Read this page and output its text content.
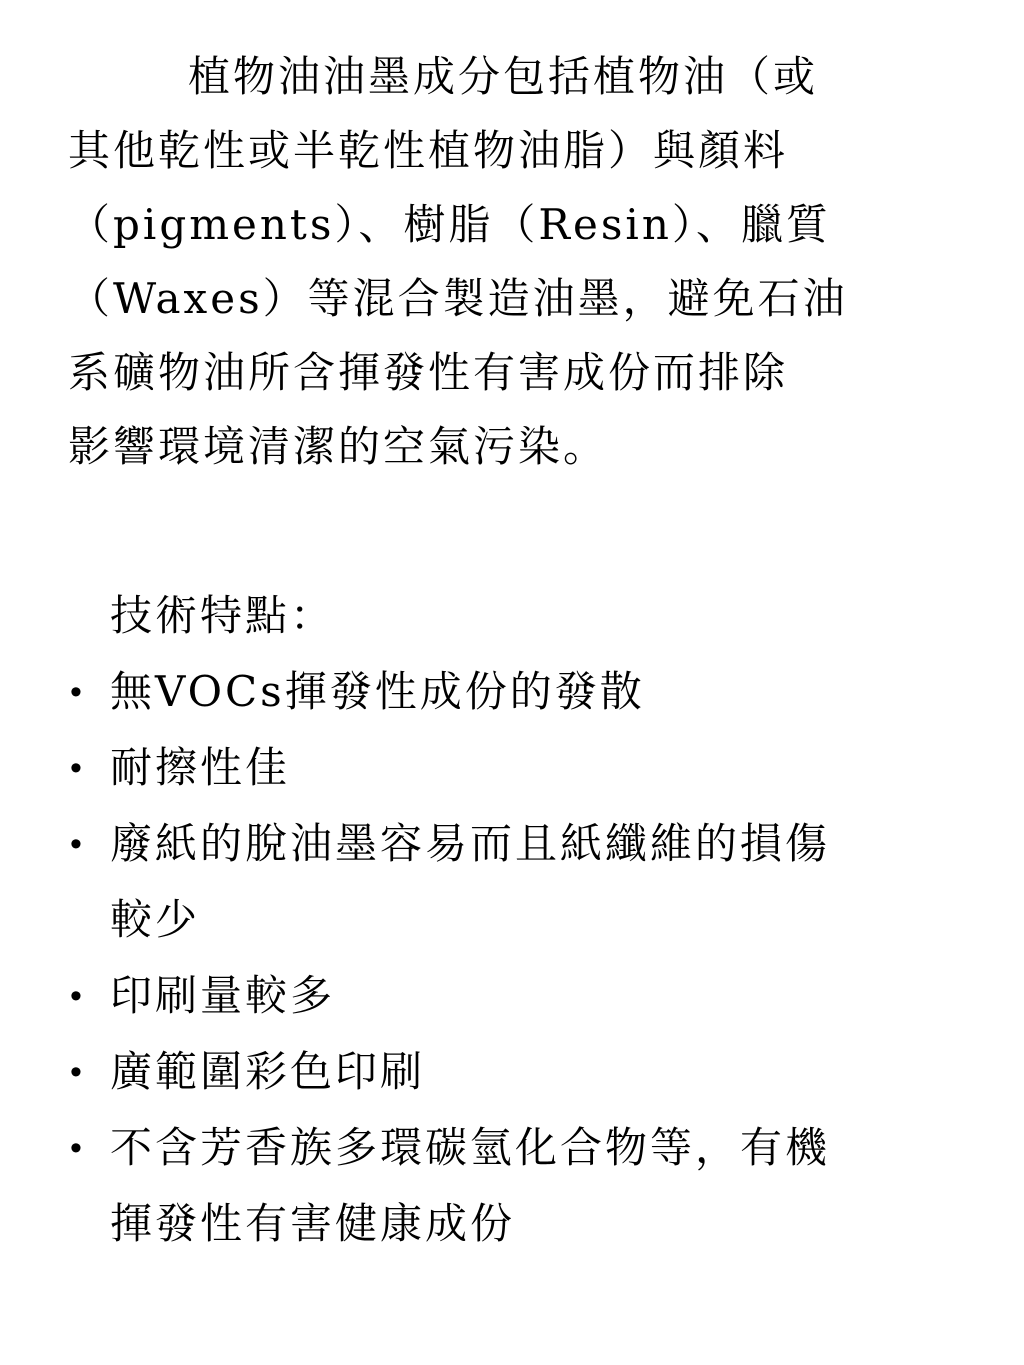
植物油油墨成分包括植物油（或
其他乾性或半乾性植物油脂）與顏料
（pigments）、樹脂（Resin）、臘質
（Waxes）等混合製造油墨，避免石油
系礦物油所含揮發性有害成份而排除
影響環境清潔的空氣污染。

技術特點：

• 無VOCs揮發性成份的發散
• 耐擦性佳
• 廢紙的脫油墨容易而且紙纖維的損傷
較少
• 印刷量較多
• 廣範圍彩色印刷
• 不含芳香族多環碳氫化合物等，有機
揮發性有害健康成份
